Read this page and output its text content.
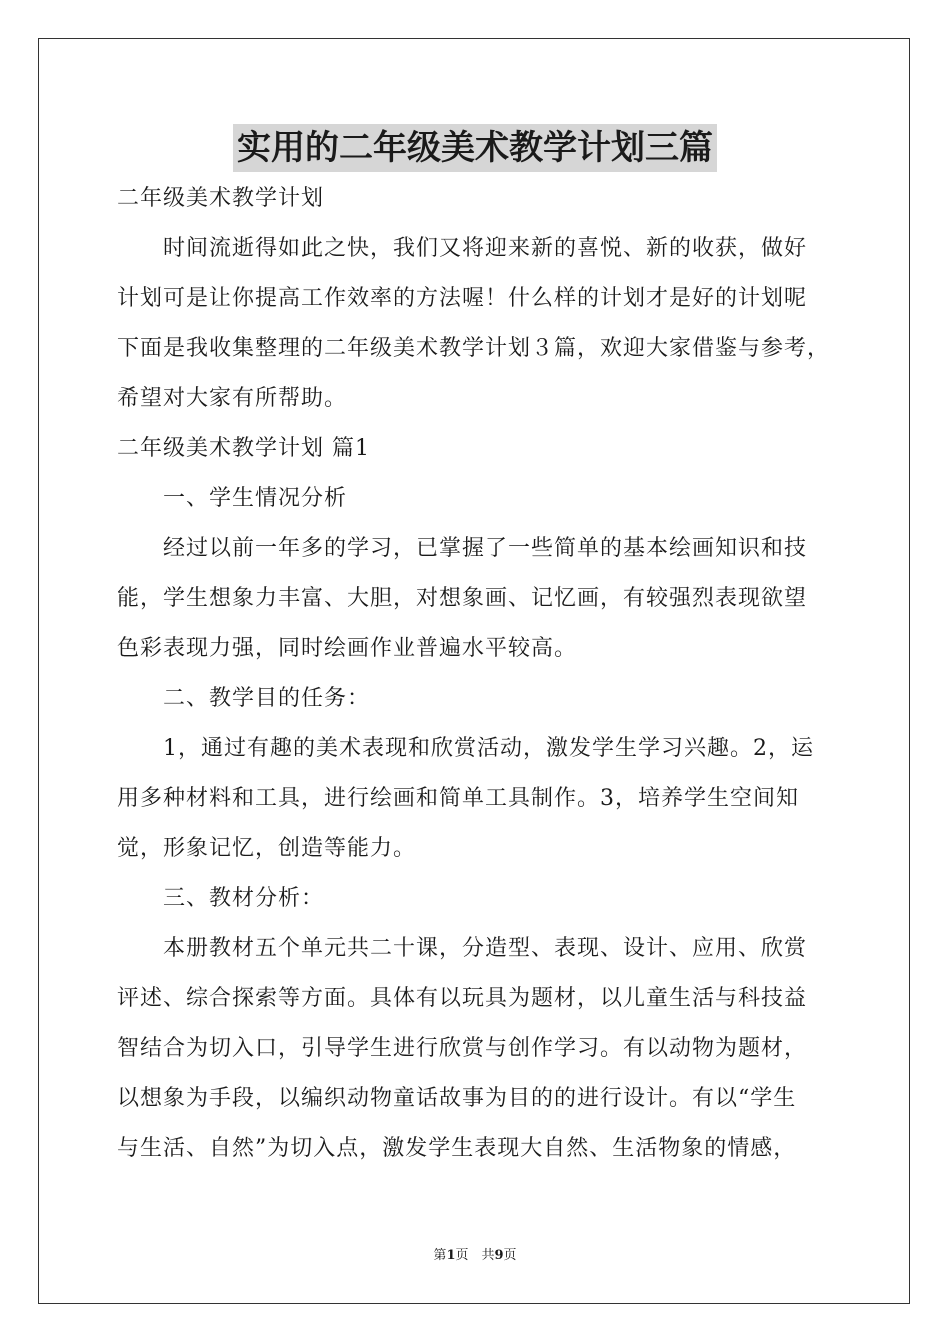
实用的二年级美术教学计划三篇
二年级美术教学计划
　　时间流逝得如此之快，我们又将迎来新的喜悦、新的收获，做好
计划可是让你提高工作效率的方法喔！什么样的计划才是好的计划呢
下面是我收集整理的二年级美术教学计划３篇，欢迎大家借鉴与参考，
希望对大家有所帮助。
二年级美术教学计划 篇1
　　一、学生情况分析
　　经过以前一年多的学习，已掌握了一些简单的基本绘画知识和技
能，学生想象力丰富、大胆，对想象画、记忆画，有较强烈表现欲望
色彩表现力强，同时绘画作业普遍水平较高。
　　二、教学目的任务：
　　1，通过有趣的美术表现和欣赏活动，激发学生学习兴趣。2，运
用多种材料和工具，进行绘画和简单工具制作。3，培养学生空间知
觉，形象记忆，创造等能力。
　　三、教材分析：
　　本册教材五个单元共二十课，分造型、表现、设计、应用、欣赏
评述、综合探索等方面。具体有以玩具为题材，以儿童生活与科技益
智结合为切入口，引导学生进行欣赏与创作学习。有以动物为题材，
以想象为手段，以编织动物童话故事为目的的进行设计。有以“学生
与生活、自然”为切入点，激发学生表现大自然、生活物象的情感，
第1页　共9页
